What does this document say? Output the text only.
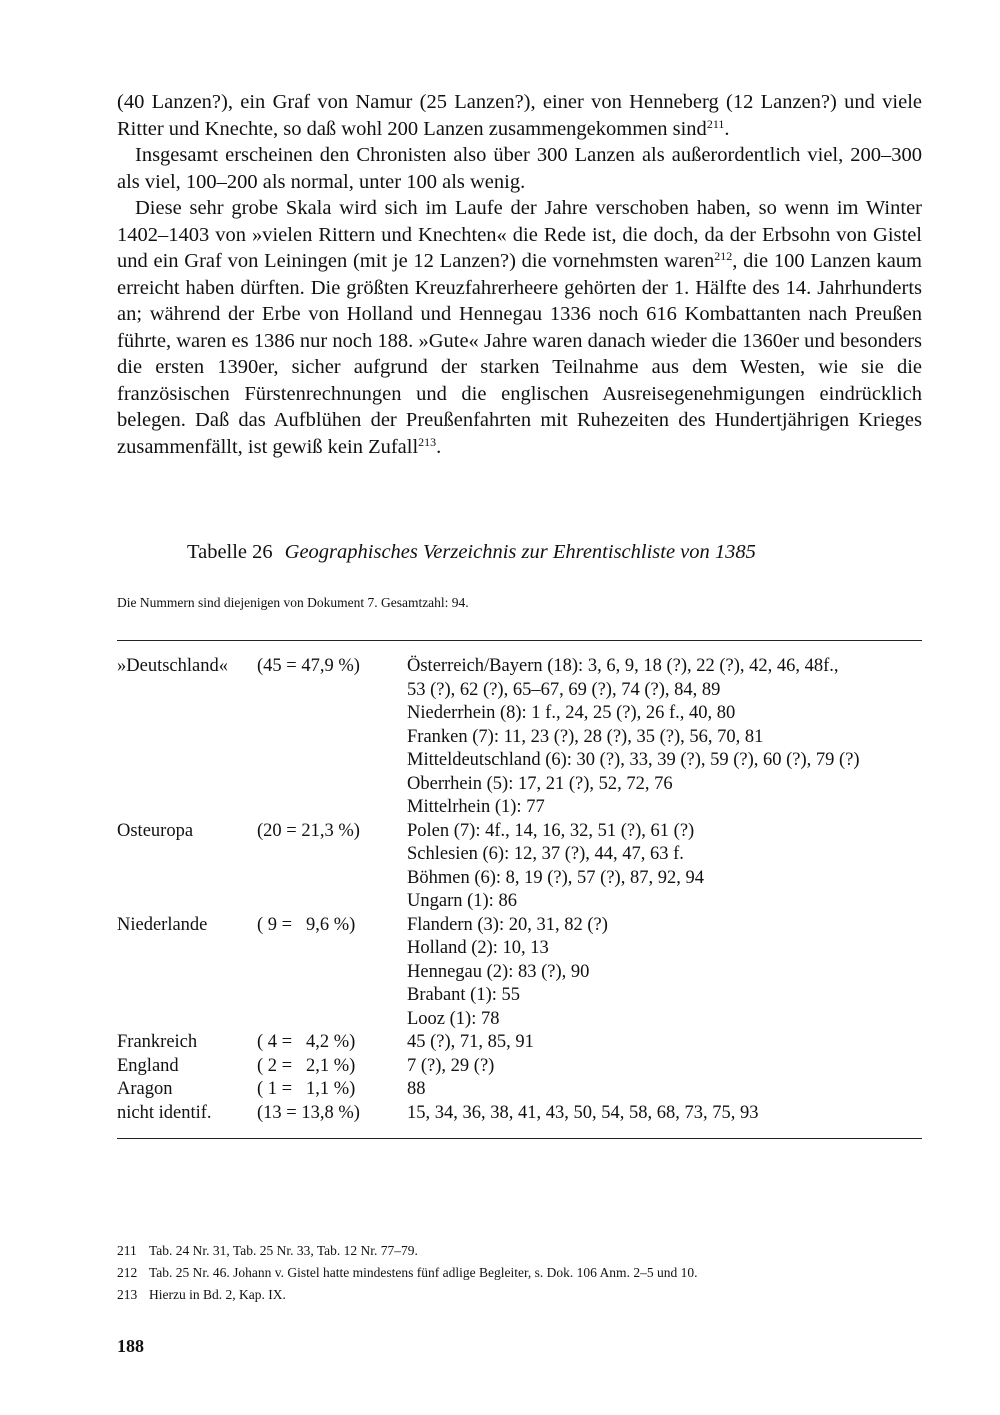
(40 Lanzen?), ein Graf von Namur (25 Lanzen?), einer von Henneberg (12 Lanzen?) und viele Ritter und Knechte, so daß wohl 200 Lanzen zusammengekommen sind$^{211}$.

Insgesamt erscheinen den Chronisten also über 300 Lanzen als außerordentlich viel, 200–300 als viel, 100–200 als normal, unter 100 als wenig.

Diese sehr grobe Skala wird sich im Laufe der Jahre verschoben haben, so wenn im Winter 1402–1403 von »vielen Rittern und Knechten« die Rede ist, die doch, da der Erbsohn von Gistel und ein Graf von Leiningen (mit je 12 Lanzen?) die vornehmsten waren$^{212}$, die 100 Lanzen kaum erreicht haben dürften. Die größten Kreuzfahrerheere gehörten der 1. Hälfte des 14. Jahrhunderts an; während der Erbe von Holland und Hennegau 1336 noch 616 Kombattanten nach Preußen führte, waren es 1386 nur noch 188. »Gute« Jahre waren danach wieder die 1360er und besonders die ersten 1390er, sicher aufgrund der starken Teilnahme aus dem Westen, wie sie die französischen Fürstenrechnungen und die englischen Ausreisegenehmigungen eindrücklich belegen. Daß das Aufblühen der Preußenfahrten mit Ruhezeiten des Hundertjährigen Krieges zusammenfällt, ist gewiß kein Zufall$^{213}$.

Tabelle 26 Geographisches Verzeichnis zur Ehrentischliste von 1385
Die Nummern sind diejenigen von Dokument 7. Gesamtzahl: 94.
»Deutschland«	(45 = 47,9 %)	Österreich/Bayern (18): 3, 6, 9, 18 (?), 22 (?), 42, 46, 48f.,
53 (?), 62 (?), 65–67, 69 (?), 74 (?), 84, 89
Niederrhein (8): 1 f., 24, 25 (?), 26 f., 40, 80
Franken (7): 11, 23 (?), 28 (?), 35 (?), 56, 70, 81
Mitteldeutschland (6): 30 (?), 33, 39 (?), 59 (?), 60 (?), 79 (?)
Oberrhein (5): 17, 21 (?), 52, 72, 76
Mittelrhein (1): 77
Osteuropa	(20 = 21,3 %)	Polen (7): 4f., 14, 16, 32, 51 (?), 61 (?)
Schlesien (6): 12, 37 (?), 44, 47, 63 f.
Böhmen (6): 8, 19 (?), 57 (?), 87, 92, 94
Ungarn (1): 86
Niederlande	( 9 =   9,6 %)	Flandern (3): 20, 31, 82 (?)
Holland (2): 10, 13
Hennegau (2): 83 (?), 90
Brabant (1): 55
Looz (1): 78
Frankreich	( 4 =   4,2 %)	45 (?), 71, 85, 91
England	( 2 =   2,1 %)	7 (?), 29 (?)
Aragon	( 1 =   1,1 %)	88
nicht identif.	(13 = 13,8 %)	15, 34, 36, 38, 41, 43, 50, 54, 58, 68, 73, 75, 93
211 Tab. 24 Nr. 31, Tab. 25 Nr. 33, Tab. 12 Nr. 77–79.
212 Tab. 25 Nr. 46. Johann v. Gistel hatte mindestens fünf adlige Begleiter, s. Dok. 106 Anm. 2–5 und 10.
213 Hierzu in Bd. 2, Kap. IX.
188
